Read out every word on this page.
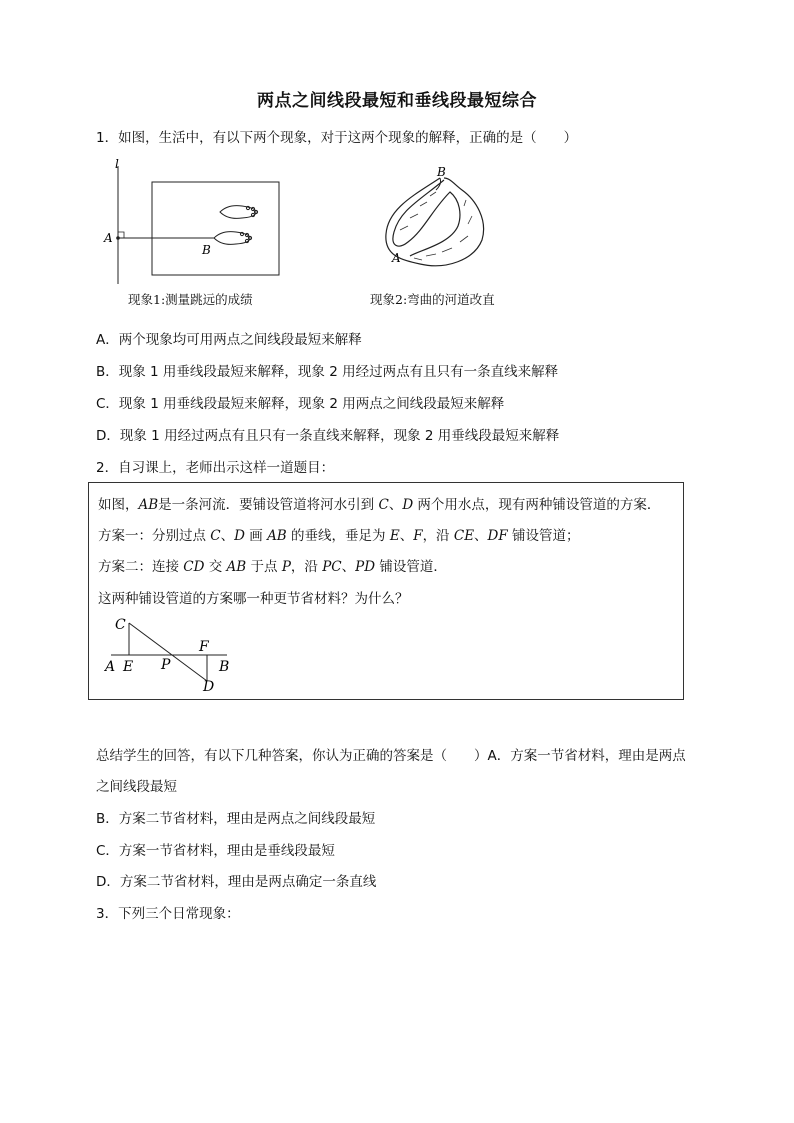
两点之间线段最短和垂线段最短综合
1．如图，生活中，有以下两个现象，对于这两个现象的解释，正确的是（　　）
l
A
B
现象1:测量跳远的成绩
B
A
现象2:弯曲的河道改直
A．两个现象均可用两点之间线段最短来解释
B．现象 1 用垂线段最短来解释，现象 2 用经过两点有且只有一条直线来解释
C．现象 1 用垂线段最短来解释，现象 2 用两点之间线段最短来解释
D．现象 1 用经过两点有且只有一条直线来解释，现象 2 用垂线段最短来解释
2．自习课上，老师出示这样一道题目：
如图，AB是一条河流．要铺设管道将河水引到 C、D 两个用水点，现有两种铺设管道的方案．
方案一：分别过点 C、D 画 AB 的垂线，垂足为 E、F，沿 CE、DF 铺设管道；
方案二：连接 CD 交 AB 于点 P，沿 PC、PD 铺设管道．
这两种铺设管道的方案哪一种更节省材料？为什么？
C
A E P
F
B
D
总结学生的回答，有以下几种答案，你认为正确的答案是（　　）A．方案一节省材料，理由是两点
之间线段最短
B．方案二节省材料，理由是两点之间线段最短
C．方案一节省材料，理由是垂线段最短
D．方案二节省材料，理由是两点确定一条直线
3．下列三个日常现象：
